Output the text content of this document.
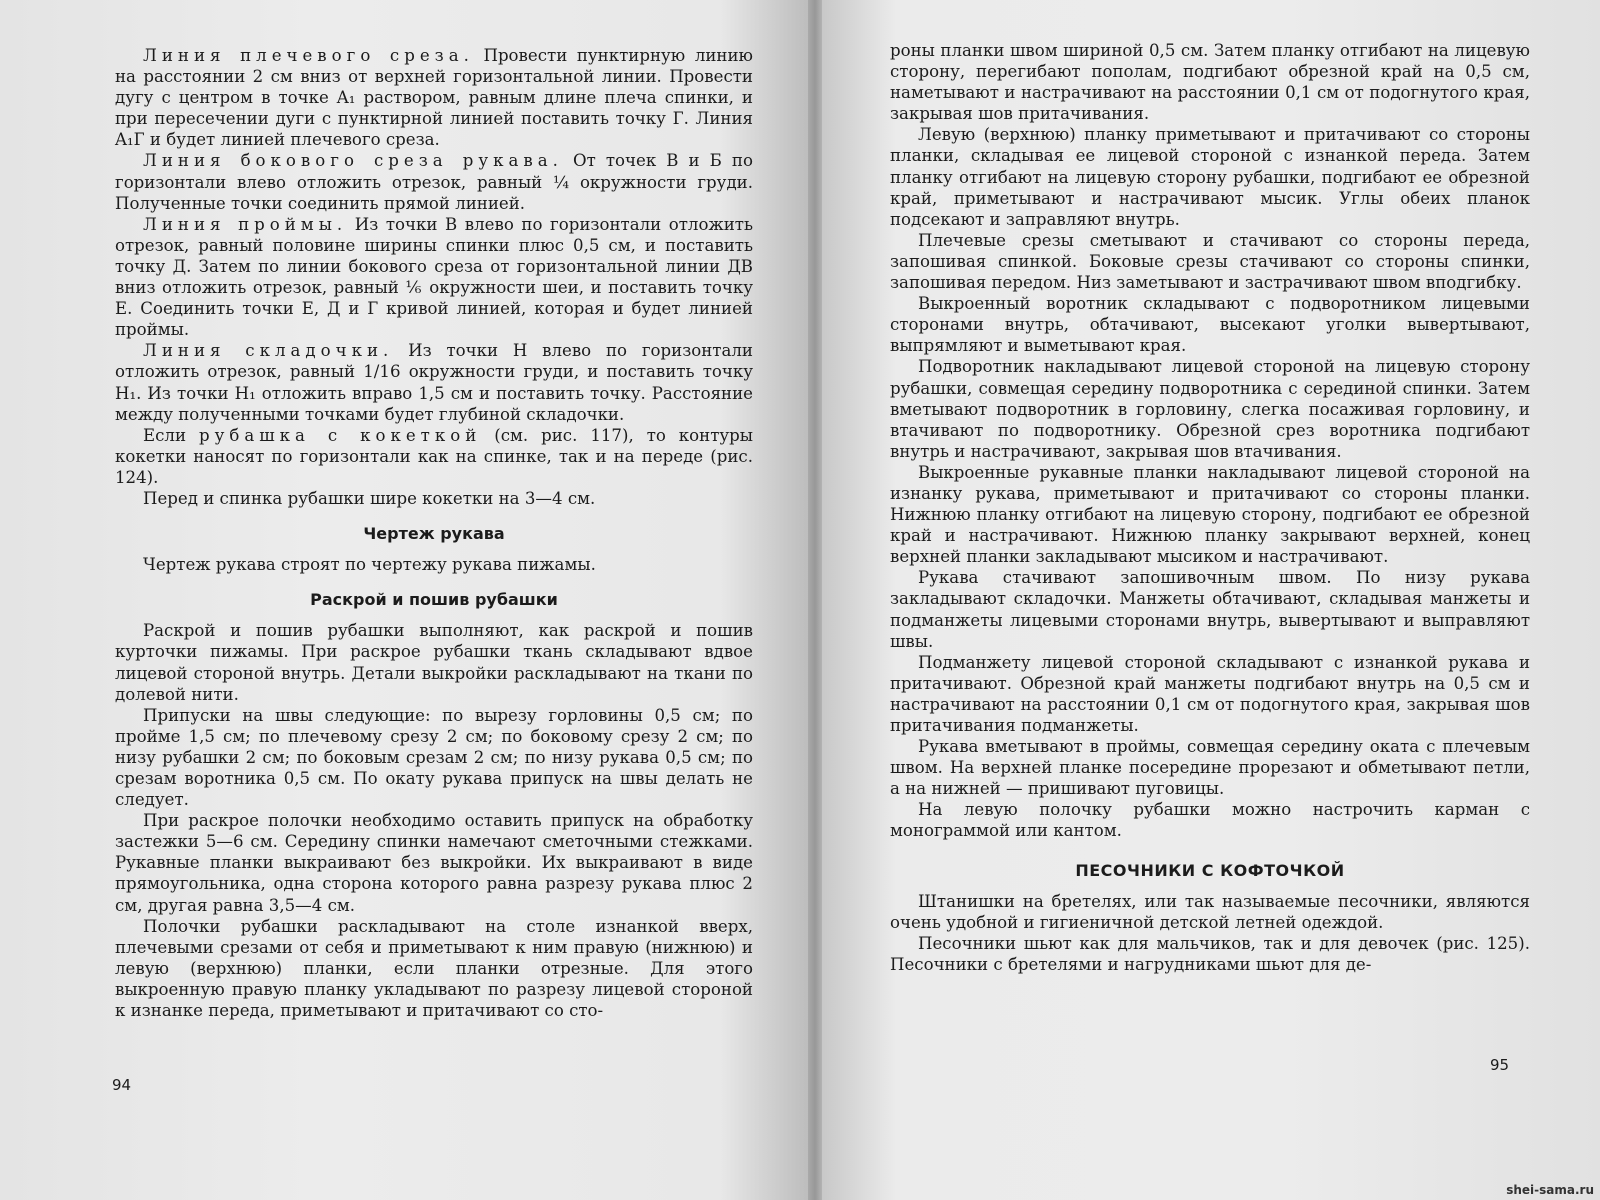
Линия плечевого среза. Провести пунктирную линию на расстоянии 2 см вниз от верхней горизонтальной линии. Провести дугу с центром в точке A₁ раствором, равным длине плеча спинки, и при пересечении дуги с пунктирной линией поставить точку Г. Линия A₁Г и будет линией плечевого среза.

Линия бокового среза рукава. От точек В и Б по горизонтали влево отложить отрезок, равный ¼ окружности груди. Полученные точки соединить прямой линией.

Линия проймы. Из точки В влево по горизонтали отложить отрезок, равный половине ширины спинки плюс 0,5 см, и поставить точку Д. Затем по линии бокового среза от горизонтальной линии ДВ вниз отложить отрезок, равный ⅙ окружности шеи, и поставить точку Е. Соединить точки Е, Д и Г кривой линией, которая и будет линией проймы.

Линия складочки. Из точки Н влево по горизонтали отложить отрезок, равный 1/16 окружности груди, и поставить точку H₁. Из точки H₁ отложить вправо 1,5 см и поставить точку. Расстояние между полученными точками будет глубиной складочки.

Если рубашка с кокеткой (см. рис. 117), то контуры кокетки наносят по горизонтали как на спинке, так и на переде (рис. 124).

Перед и спинка рубашки шире кокетки на 3—4 см.

Чертеж рукава

Чертеж рукава строят по чертежу рукава пижамы.

Раскрой и пошив рубашки

Раскрой и пошив рубашки выполняют, как раскрой и пошив курточки пижамы. При раскрое рубашки ткань складывают вдвое лицевой стороной внутрь. Детали выкройки раскладывают на ткани по долевой нити.

Припуски на швы следующие: по вырезу горловины 0,5 см; по пройме 1,5 см; по плечевому срезу 2 см; по боковому срезу 2 см; по низу рубашки 2 см; по боковым срезам 2 см; по низу рукава 0,5 см; по срезам воротника 0,5 см. По окату рукава припуск на швы делать не следует.

При раскрое полочки необходимо оставить припуск на обработку застежки 5—6 см. Середину спинки намечают сметочными стежками. Рукавные планки выкраивают без выкройки. Их выкраивают в виде прямоугольника, одна сторона которого равна разрезу рукава плюс 2 см, другая равна 3,5—4 см.

Полочки рубашки раскладывают на столе изнанкой вверх, плечевыми срезами от себя и приметывают к ним правую (нижнюю) и левую (верхнюю) планки, если планки отрезные. Для этого выкроенную правую планку укладывают по разрезу лицевой стороной к изнанке переда, приметывают и притачивают со сто-

94

роны планки швом шириной 0,5 см. Затем планку отгибают на лицевую сторону, перегибают пополам, подгибают обрезной край на 0,5 см, наметывают и настрачивают на расстоянии 0,1 см от подогнутого края, закрывая шов притачивания.

Левую (верхнюю) планку приметывают и притачивают со стороны планки, складывая ее лицевой стороной с изнанкой переда. Затем планку отгибают на лицевую сторону рубашки, подгибают ее обрезной край, приметывают и настрачивают мысик. Углы обеих планок подсекают и заправляют внутрь.

Плечевые срезы сметывают и стачивают со стороны переда, запошивая спинкой. Боковые срезы стачивают со стороны спинки, запошивая передом. Низ заметывают и застрачивают швом вподгибку.

Выкроенный воротник складывают с подворотником лицевыми сторонами внутрь, обтачивают, высекают уголки вывертывают, выпрямляют и выметывают края.

Подворотник накладывают лицевой стороной на лицевую сторону рубашки, совмещая середину подворотника с серединой спинки. Затем вметывают подворотник в горловину, слегка посаживая горловину, и втачивают по подворотнику. Обрезной срез воротника подгибают внутрь и настрачивают, закрывая шов втачивания.

Выкроенные рукавные планки накладывают лицевой стороной на изнанку рукава, приметывают и притачивают со стороны планки. Нижнюю планку отгибают на лицевую сторону, подгибают ее обрезной край и настрачивают. Нижнюю планку закрывают верхней, конец верхней планки закладывают мысиком и настрачивают.

Рукава стачивают запошивочным швом. По низу рукава закладывают складочки. Манжеты обтачивают, складывая манжеты и подманжеты лицевыми сторонами внутрь, вывертывают и выправляют швы.

Подманжету лицевой стороной складывают с изнанкой рукава и притачивают. Обрезной край манжеты подгибают внутрь на 0,5 см и настрачивают на расстоянии 0,1 см от подогнутого края, закрывая шов притачивания подманжеты.

Рукава вметывают в проймы, совмещая середину оката с плечевым швом. На верхней планке посередине прорезают и обметывают петли, а на нижней — пришивают пуговицы.

На левую полочку рубашки можно настрочить карман с монограммой или кантом.

ПЕСОЧНИКИ С КОФТОЧКОЙ

Штанишки на бретелях, или так называемые песочники, являются очень удобной и гигиеничной детской летней одеждой.

Песочники шьют как для мальчиков, так и для девочек (рис. 125). Песочники с бретелями и нагрудниками шьют для де-

95
shei-sama.ru
